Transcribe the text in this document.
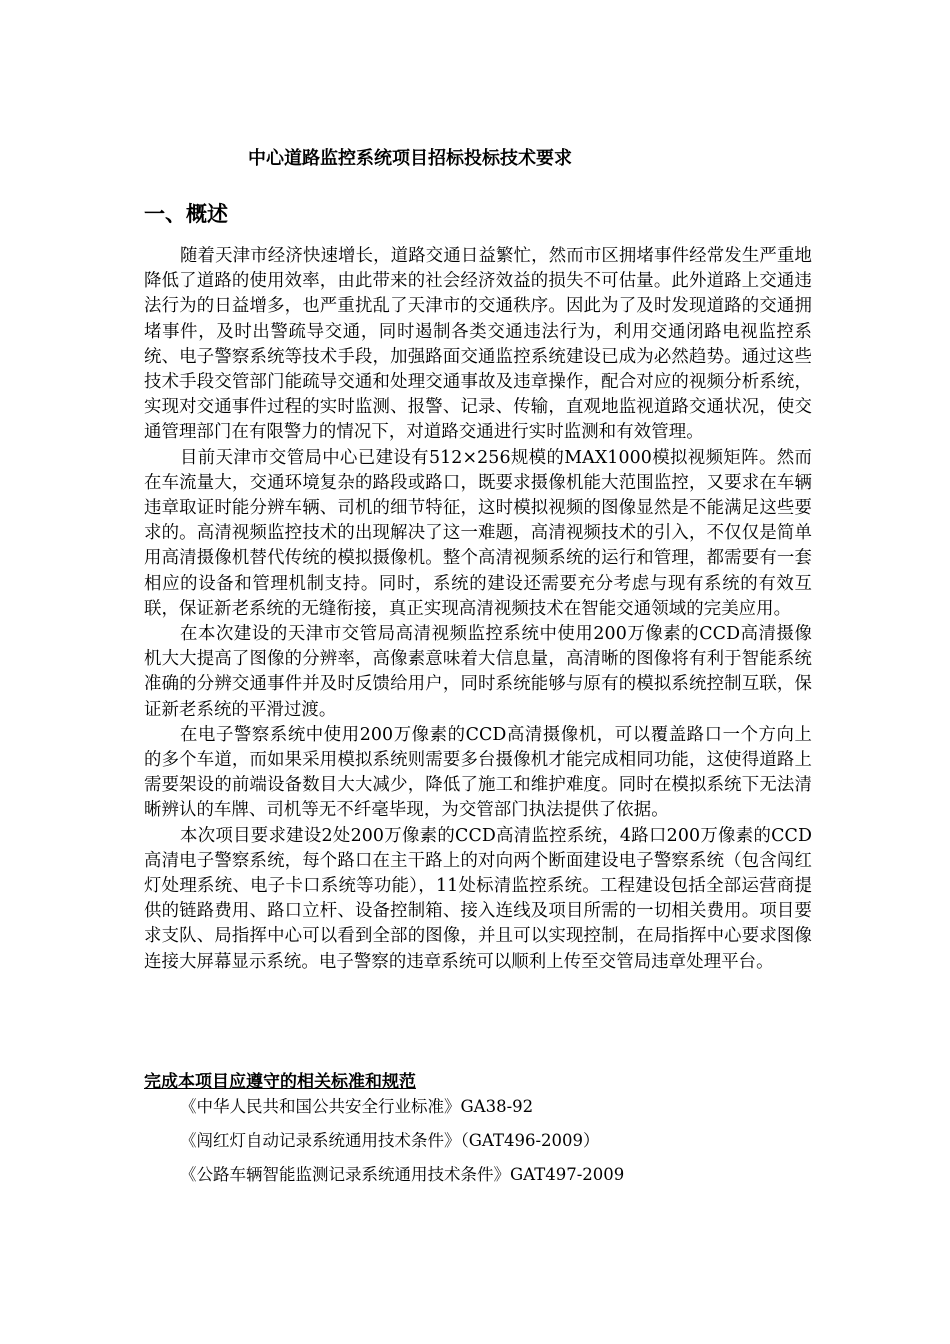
中心道路监控系统项目招标投标技术要求
一、概述

随着天津市经济快速增长，道路交通日益繁忙，然而市区拥堵事件经常发生严重地降低了道路的使用效率，由此带来的社会经济效益的损失不可估量。此外道路上交通违法行为的日益增多，也严重扰乱了天津市的交通秩序。因此为了及时发现道路的交通拥堵事件，及时出警疏导交通，同时遏制各类交通违法行为，利用交通闭路电视监控系统、电子警察系统等技术手段，加强路面交通监控系统建设已成为必然趋势。通过这些技术手段交管部门能疏导交通和处理交通事故及违章操作，配合对应的视频分析系统，实现对交通事件过程的实时监测、报警、记录、传输，直观地监视道路交通状况，使交通管理部门在有限警力的情况下，对道路交通进行实时监测和有效管理。

目前天津市交管局中心已建设有512×256规模的MAX1000模拟视频矩阵。然而在车流量大，交通环境复杂的路段或路口，既要求摄像机能大范围监控，又要求在车辆违章取证时能分辨车辆、司机的细节特征，这时模拟视频的图像显然是不能满足这些要求的。高清视频监控技术的出现解决了这一难题，高清视频技术的引入，不仅仅是简单用高清摄像机替代传统的模拟摄像机。整个高清视频系统的运行和管理，都需要有一套相应的设备和管理机制支持。同时，系统的建设还需要充分考虑与现有系统的有效互联，保证新老系统的无缝衔接，真正实现高清视频技术在智能交通领域的完美应用。

在本次建设的天津市交管局高清视频监控系统中使用200万像素的CCD高清摄像机大大提高了图像的分辨率，高像素意味着大信息量，高清晰的图像将有利于智能系统准确的分辨交通事件并及时反馈给用户，同时系统能够与原有的模拟系统控制互联，保证新老系统的平滑过渡。

在电子警察系统中使用200万像素的CCD高清摄像机，可以覆盖路口一个方向上的多个车道，而如果采用模拟系统则需要多台摄像机才能完成相同功能，这使得道路上需要架设的前端设备数目大大减少，降低了施工和维护难度。同时在模拟系统下无法清晰辨认的车牌、司机等无不纤毫毕现，为交管部门执法提供了依据。

本次项目要求建设2处200万像素的CCD高清监控系统，4路口200万像素的CCD高清电子警察系统，每个路口在主干路上的对向两个断面建设电子警察系统（包含闯红灯处理系统、电子卡口系统等功能），11处标清监控系统。工程建设包括全部运营商提供的链路费用、路口立杆、设备控制箱、接入连线及项目所需的一切相关费用。项目要求支队、局指挥中心可以看到全部的图像，并且可以实现控制，在局指挥中心要求图像连接大屏幕显示系统。电子警察的违章系统可以顺利上传至交管局违章处理平台。

完成本项目应遵守的相关标准和规范
《中华人民共和国公共安全行业标准》GA38-92
《闯红灯自动记录系统通用技术条件》（GAT496-2009）
《公路车辆智能监测记录系统通用技术条件》GAT497-2009
